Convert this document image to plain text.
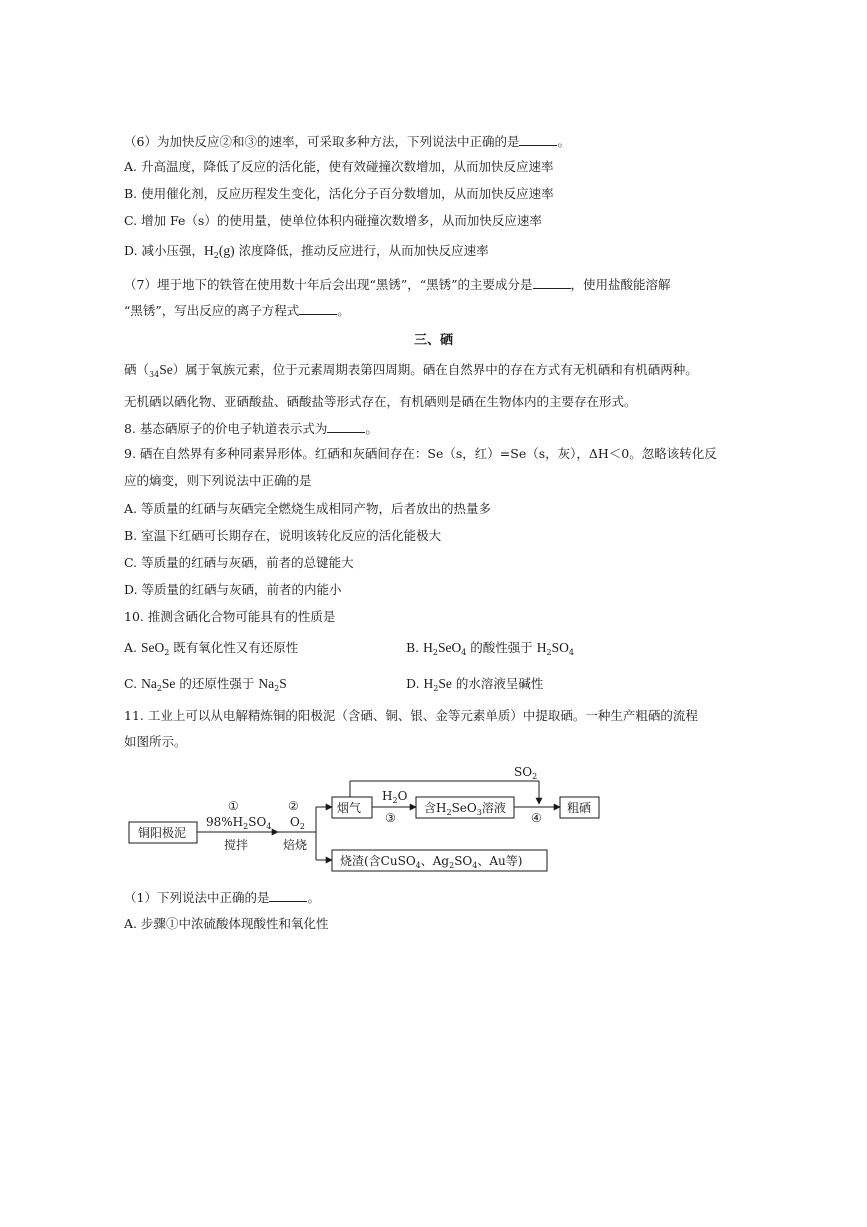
（6）为加快反应②和③的速率，可采取多种方法，下列说法中正确的是	。
A. 升高温度，降低了反应的活化能，使有效碰撞次数增加，从而加快反应速率
B. 使用催化剂，反应历程发生变化，活化分子百分数增加，从而加快反应速率
C. 增加 Fe（s）的使用量，使单位体积内碰撞次数增多，从而加快反应速率
D. 减小压强，$H_2(g)$ 浓度降低，推动反应进行，从而加快反应速率
（7）埋于地下的铁管在使用数十年后会出现“黑锈”，“黑锈”的主要成分是	，使用盐酸能溶解
“黑锈”，写出反应的离子方程式	。
三、硒
硒$(_{34}Se)$属于氧族元素，位于元素周期表第四周期。硒在自然界中的存在方式有无机硒和有机硒两种。
无机硒以硒化物、亚硒酸盐、硒酸盐等形式存在，有机硒则是硒在生物体内的主要存在形式。
8. 基态硒原子的价电子轨道表示式为	。
9. 硒在自然界有多种同素异形体。红硒和灰硒间存在：Se（s，红）=Se（s，灰），ΔH＜0。忽略该转化反
应的熵变，则下列说法中正确的是
A. 等质量的红硒与灰硒完全燃烧生成相同产物，后者放出的热量多
B. 室温下红硒可长期存在，说明该转化反应的活化能极大
C. 等质量的红硒与灰硒，前者的总键能大
D. 等质量的红硒与灰硒，前者的内能小
10. 推测含硒化合物可能具有的性质是
A. SeO$_2$ 既有氧化性又有还原性	B. $H_2SeO_4$ 的酸性强于 $H_2SO_4$
C. $Na_2Se$ 的还原性强于 $Na_2S$	D. $H_2Se$ 的水溶液呈碱性
11. 工业上可以从电解精炼铜的阳极泥（含硒、铜、银、金等元素单质）中提取硒。一种生产粗硒的流程
如图所示。
铜阳极泥
①
$98\%H_2SO_4$
搅拌
②
$O_2$
焙烧
烟气
$H_2O$
③
含$H_2SeO_3$溶液
$SO_2$
④
粗硒
烧渣(含CuSO$_4$、$Ag_2SO_4$、Au等)
（1）下列说法中正确的是	。
A. 步骤①中浓硫酸体现酸性和氧化性
